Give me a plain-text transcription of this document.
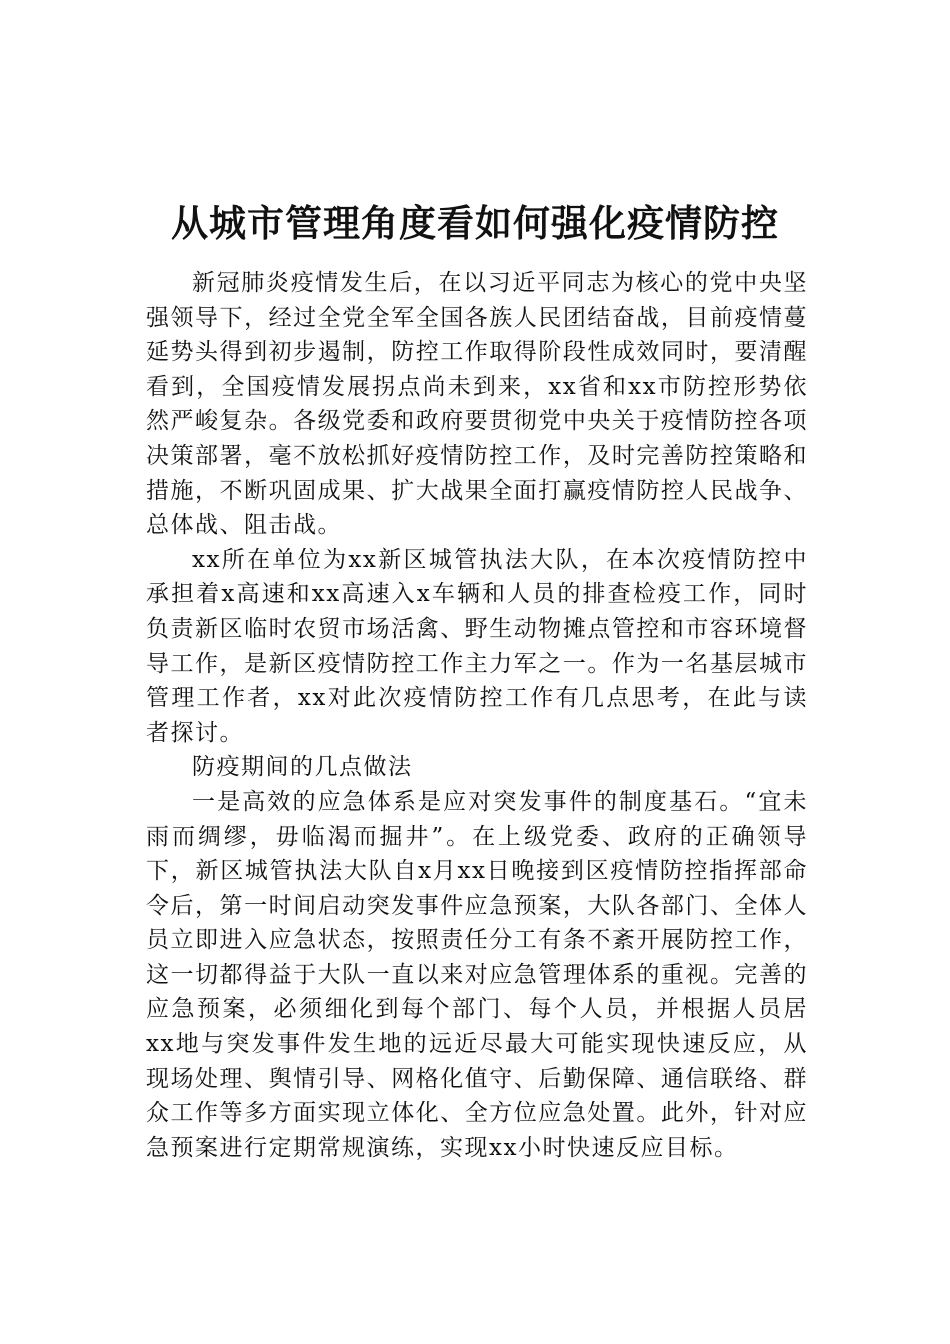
从城市管理角度看如何强化疫情防控

新冠肺炎疫情发生后，在以习近平同志为核心的党中央坚强领导下，经过全党全军全国各族人民团结奋战，目前疫情蔓延势头得到初步遏制，防控工作取得阶段性成效同时，要清醒看到，全国疫情发展拐点尚未到来，xx省和xx市防控形势依然严峻复杂。各级党委和政府要贯彻党中央关于疫情防控各项决策部署，毫不放松抓好疫情防控工作，及时完善防控策略和措施，不断巩固成果、扩大战果全面打赢疫情防控人民战争、总体战、阻击战。

xx所在单位为xx新区城管执法大队，在本次疫情防控中承担着x高速和xx高速入x车辆和人员的排查检疫工作，同时负责新区临时农贸市场活禽、野生动物摊点管控和市容环境督导工作，是新区疫情防控工作主力军之一。作为一名基层城市管理工作者，xx对此次疫情防控工作有几点思考，在此与读者探讨。

防疫期间的几点做法

一是高效的应急体系是应对突发事件的制度基石。“宜未雨而绸缪，毋临渴而掘井”。在上级党委、政府的正确领导下，新区城管执法大队自x月xx日晚接到区疫情防控指挥部命令后，第一时间启动突发事件应急预案，大队各部门、全体人员立即进入应急状态，按照责任分工有条不紊开展防控工作，这一切都得益于大队一直以来对应急管理体系的重视。完善的应急预案，必须细化到每个部门、每个人员，并根据人员居xx地与突发事件发生地的远近尽最大可能实现快速反应，从现场处理、舆情引导、网格化值守、后勤保障、通信联络、群众工作等多方面实现立体化、全方位应急处置。此外，针对应急预案进行定期常规演练，实现xx小时快速反应目标。
